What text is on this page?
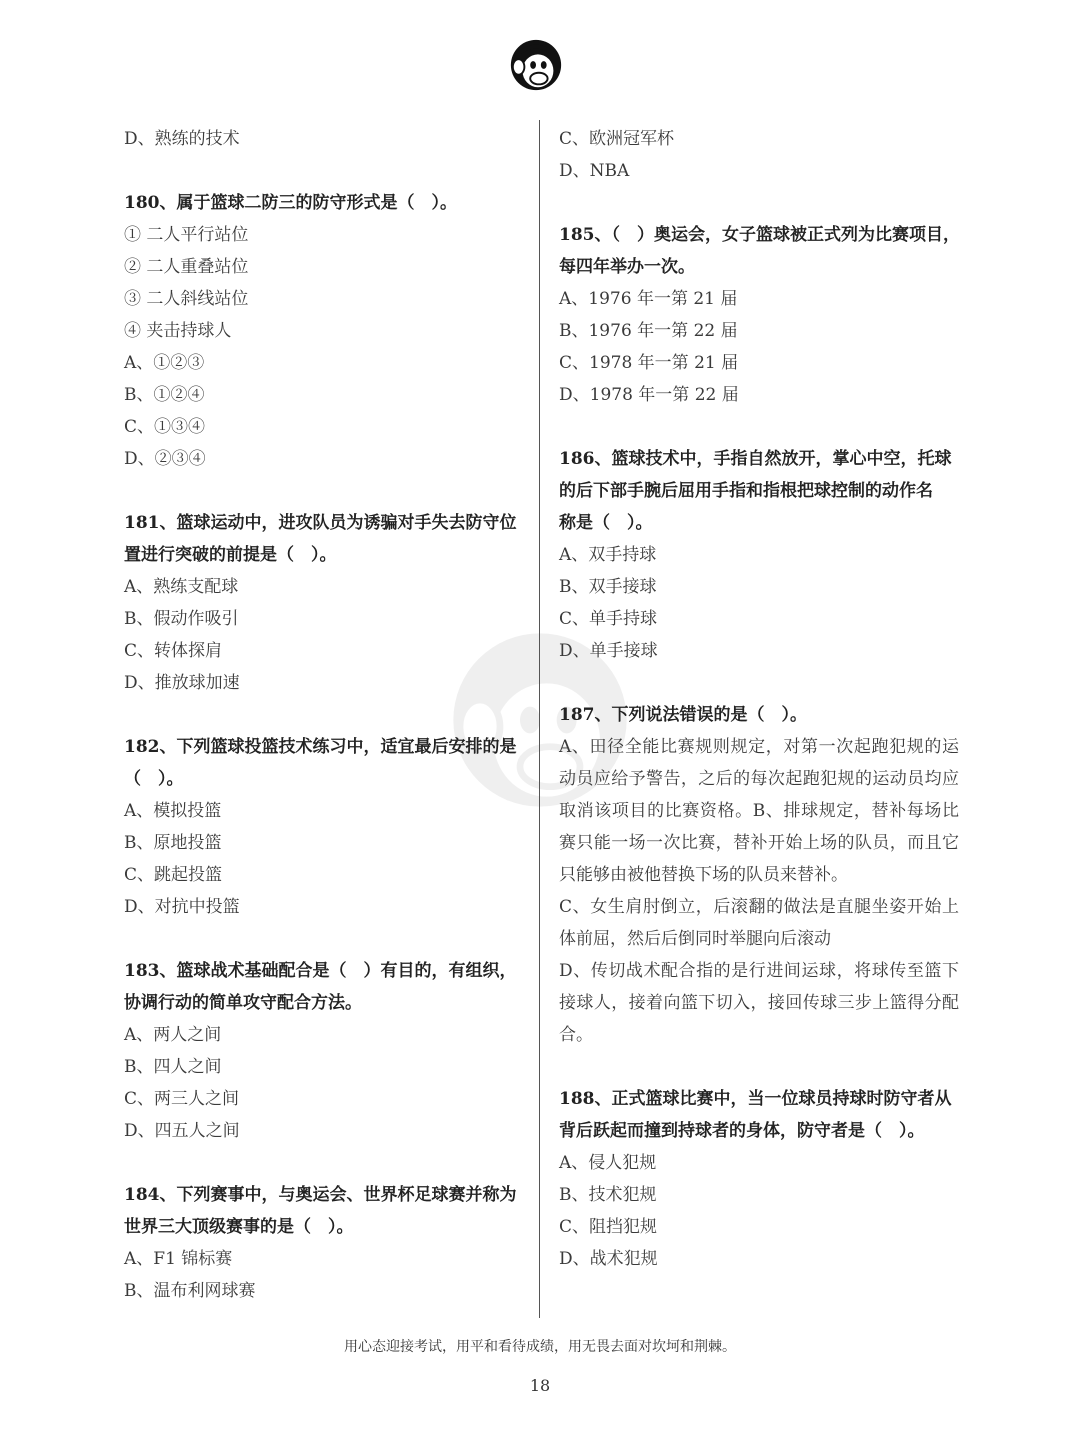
D、熟练的技术
180、属于篮球二防三的防守形式是（　）。
① 二人平行站位
② 二人重叠站位
③ 二人斜线站位
④ 夹击持球人
A、①②③
B、①②④
C、①③④
D、②③④
181、篮球运动中，进攻队员为诱骗对手失去防守位
置进行突破的前提是（　）。
A、熟练支配球
B、假动作吸引
C、转体探肩
D、推放球加速
182、下列篮球投篮技术练习中，适宜最后安排的是
（　）。
A、模拟投篮
B、原地投篮
C、跳起投篮
D、对抗中投篮
183、篮球战术基础配合是（　）有目的，有组织，
协调行动的简单攻守配合方法。
A、两人之间
B、四人之间
C、两三人之间
D、四五人之间
184、下列赛事中，与奥运会、世界杯足球赛并称为
世界三大顶级赛事的是（　）。
A、F1 锦标赛
B、温布利网球赛
C、欧洲冠军杯
D、NBA
185、（　）奥运会，女子篮球被正式列为比赛项目，
每四年举办一次。
A、1976 年一第 21 届
B、1976 年一第 22 届
C、1978 年一第 21 届
D、1978 年一第 22 届
186、篮球技术中，手指自然放开，掌心中空，托球
的后下部手腕后屈用手指和指根把球控制的动作名
称是（　）。
A、双手持球
B、双手接球
C、单手持球
D、单手接球
187、下列说法错误的是（　）。
A、田径全能比赛规则规定，对第一次起跑犯规的运动员应给予警告，之后的每次起跑犯规的运动员均应取消该项目的比赛资格。B、排球规定，替补每场比赛只能一场一次比赛，替补开始上场的队员，而且它只能够由被他替换下场的队员来替补。
C、女生肩肘倒立，后滚翻的做法是直腿坐姿开始上体前屈，然后后倒同时举腿向后滚动
D、传切战术配合指的是行进间运球，将球传至篮下接球人，接着向篮下切入，接回传球三步上篮得分配合。
188、正式篮球比赛中，当一位球员持球时防守者从
背后跃起而撞到持球者的身体，防守者是（　）。
A、侵人犯规
B、技术犯规
C、阻挡犯规
D、战术犯规
用心态迎接考试，用平和看待成绩，用无畏去面对坎坷和荆棘。
18
